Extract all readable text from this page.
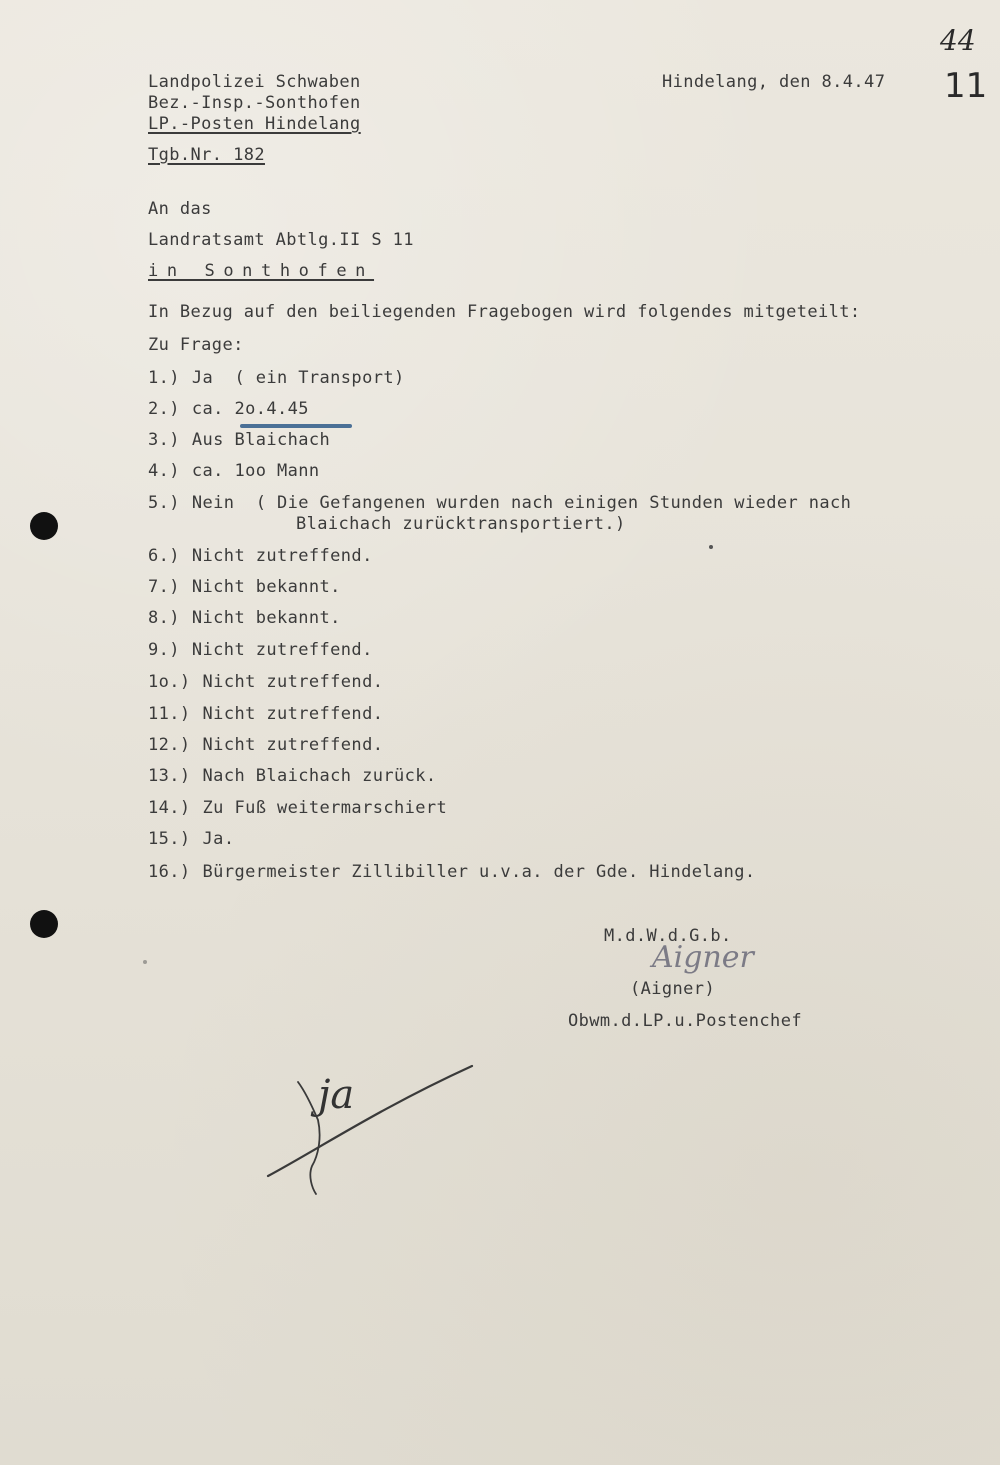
Landpolizei Schwaben
Bez.-Insp.-Sonthofen
LP.-Posten Hindelang
Hindelang, den 8.4.47
44
11
Tgb.Nr. 182
An das
Landratsamt Abtlg.II S 11
in Sonthofen
In Bezug auf den beiliegenden Fragebogen wird folgendes mitgeteilt:
Zu Frage:
1.) Ja  ( ein Transport)
2.) ca. 2o.4.45
3.) Aus Blaichach
4.) ca. 1oo Mann
5.) Nein  ( Die Gefangenen wurden nach einigen Stunden wieder nach
Blaichach zurücktransportiert.)
6.) Nicht zutreffend.
7.) Nicht bekannt.
8.) Nicht bekannt.
9.) Nicht zutreffend.
1o.) Nicht zutreffend.
11.) Nicht zutreffend.
12.) Nicht zutreffend.
13.) Nach Blaichach zurück.
14.) Zu Fuß weitermarschiert
15.) Ja.
16.) Bürgermeister Zillibiller u.v.a. der Gde. Hindelang.
M.d.W.d.G.b.
Aigner
(Aigner)
Obwm.d.LP.u.Postenchef
ja
